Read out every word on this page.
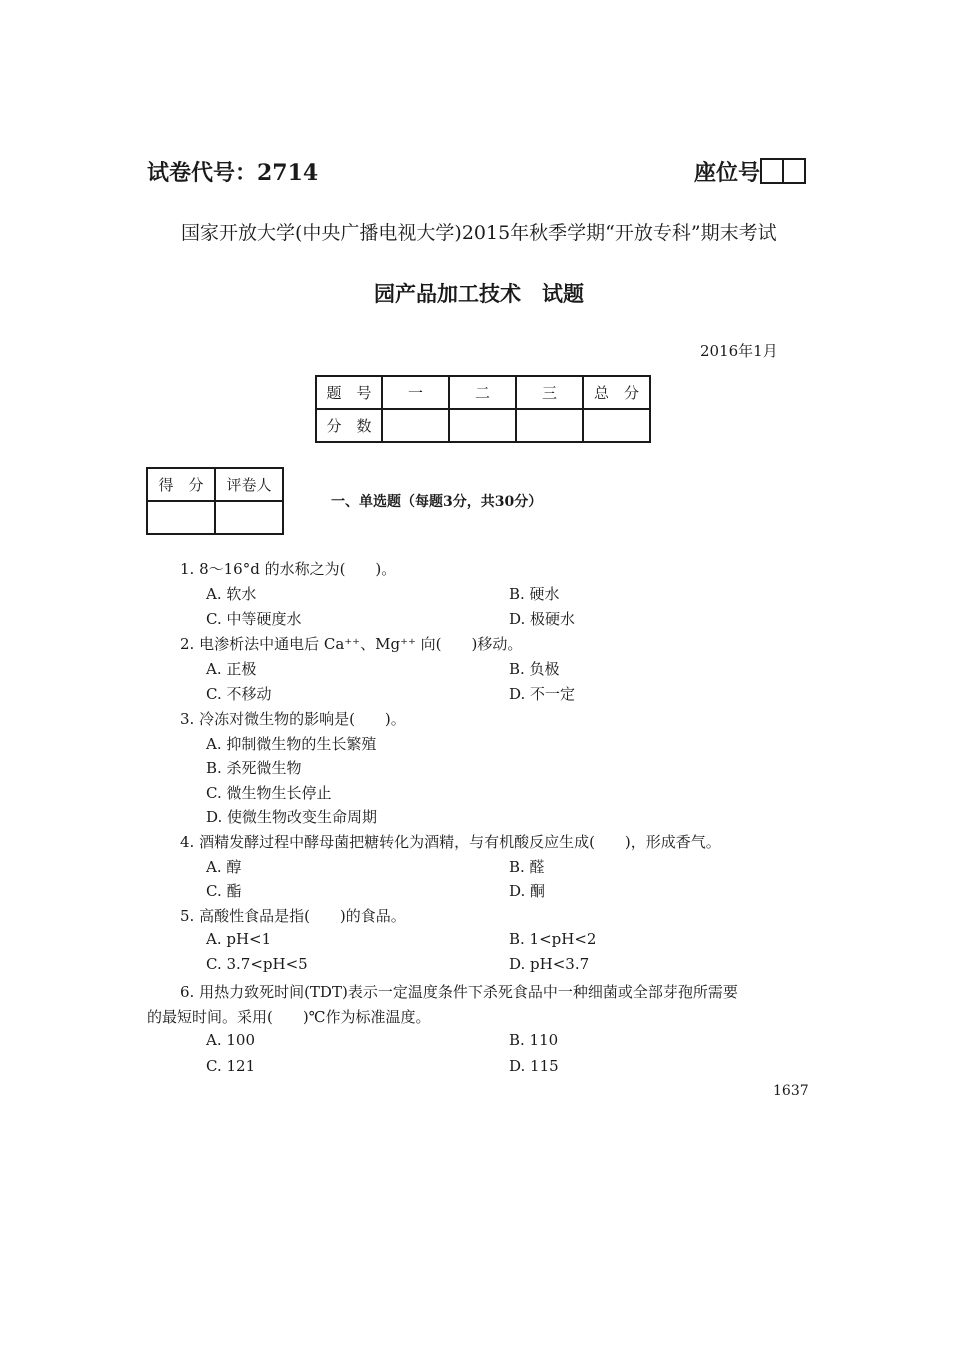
试卷代号：2714	座位号
国家开放大学(中央广播电视大学)2015年秋季学期“开放专科”期末考试
园产品加工技术　试题
2016年1月
题　号	一	二	三	总　分
分　数				
得　分	评卷人

一、单选题（每题3分，共30分）
1. 8～16°d 的水称之为(　　)。
A. 软水	B. 硬水
C. 中等硬度水	D. 极硬水
2. 电渗析法中通电后 Ca⁺⁺、Mg⁺⁺ 向(　　)移动。
A. 正极	B. 负极
C. 不移动	D. 不一定
3. 冷冻对微生物的影响是(　　)。
A. 抑制微生物的生长繁殖
B. 杀死微生物
C. 微生物生长停止
D. 使微生物改变生命周期
4. 酒精发酵过程中酵母菌把糖转化为酒精，与有机酸反应生成(　　)，形成香气。
A. 醇	B. 醛
C. 酯	D. 酮
5. 高酸性食品是指(　　)的食品。
A. pH<1	B. 1<pH<2
C. 3.7<pH<5	D. pH<3.7
6. 用热力致死时间(TDT)表示一定温度条件下杀死食品中一种细菌或全部芽孢所需要
的最短时间。采用(　　)℃作为标准温度。
A. 100	B. 110
C. 121	D. 115
1637
